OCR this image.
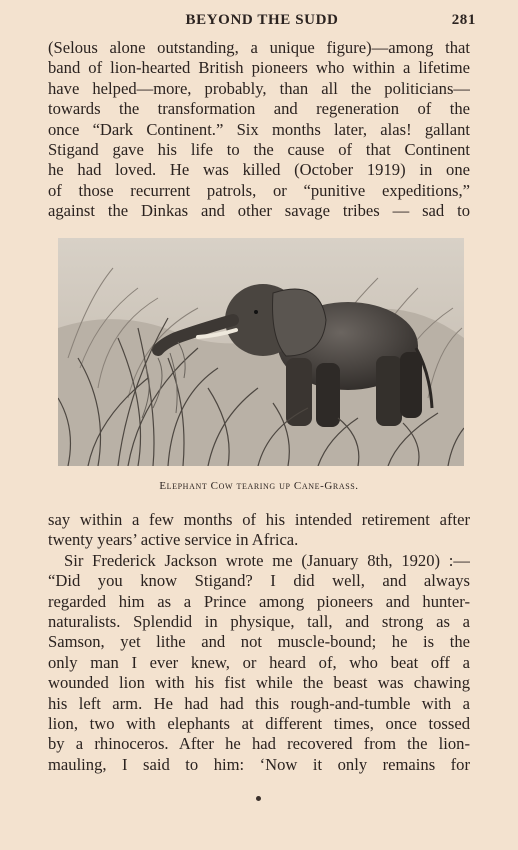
BEYOND THE SUDD	281
(Selous alone outstanding, a unique figure)—among that
band of lion-hearted British pioneers who within a lifetime
have helped—more, probably, than all the politicians—
towards the transformation and regeneration of the
once “Dark Continent.” Six months later, alas! gallant
Stigand gave his life to the cause of that Continent
he had loved. He was killed (October 1919) in one
of those recurrent patrols, or “punitive expeditions,”
against the Dinkas and other savage tribes — sad to
Elephant Cow tearing up Cane-Grass.
say within a few months of his intended retirement after
twenty years’ active service in Africa.
Sir Frederick Jackson wrote me (January 8th, 1920) :—
“Did you know Stigand? I did well, and always
regarded him as a Prince among pioneers and hunter-
naturalists. Splendid in physique, tall, and strong as a
Samson, yet lithe and not muscle-bound; he is the
only man I ever knew, or heard of, who beat off a
wounded lion with his fist while the beast was chawing
his left arm. He had had this rough-and-tumble with a
lion, two with elephants at different times, once tossed
by a rhinoceros. After he had recovered from the lion-
mauling, I said to him: ‘Now it only remains for
